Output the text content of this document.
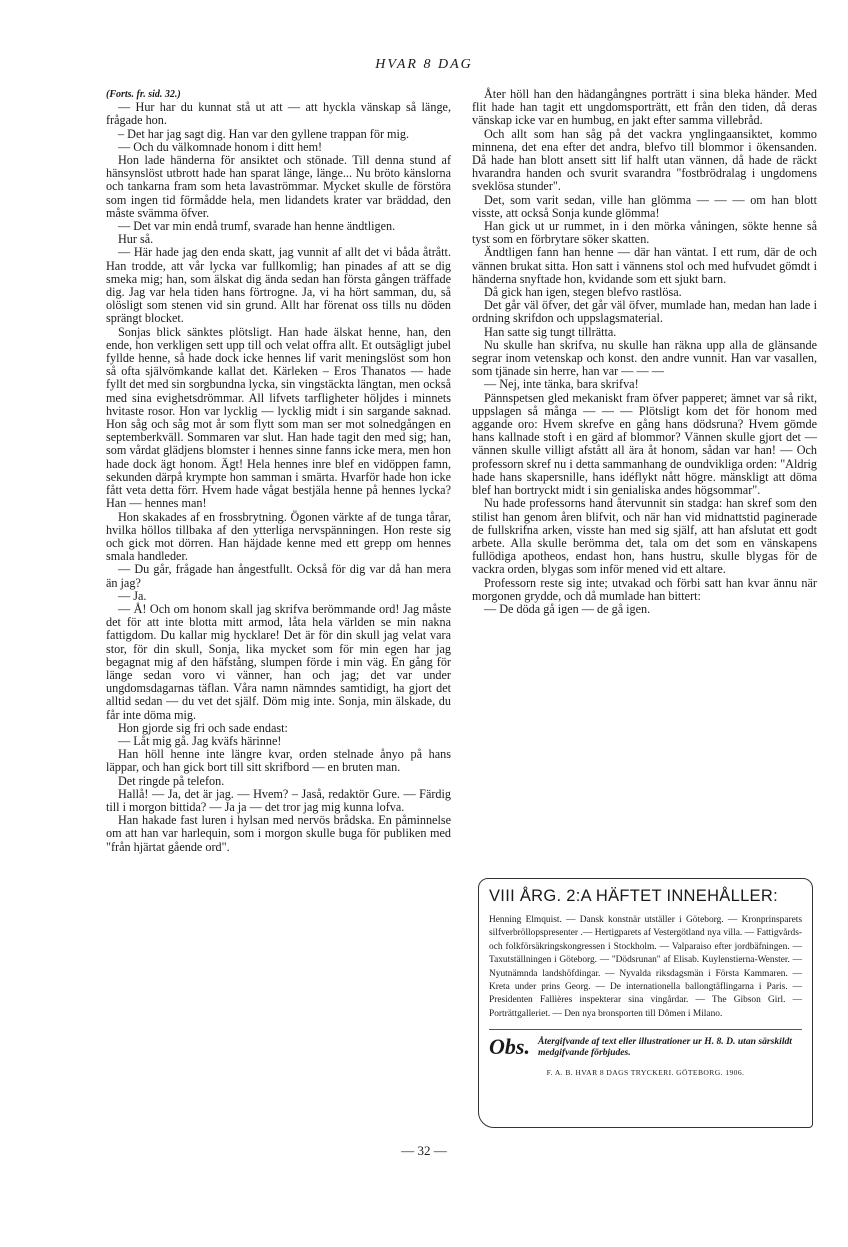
HVAR 8 DAG

(Forts. fr. sid. 32.)

— Hur har du kunnat stå ut att — att hyckla vänskap så länge, frågade hon.

– Det har jag sagt dig. Han var den gyllene trappan för mig.

— Och du välkomnade honom i ditt hem!

Hon lade händerna för ansiktet och stönade. Till denna stund af hänsynslöst utbrott hade han sparat länge, länge... Nu bröto känslorna och tankarna fram som heta lavaströmmar. Mycket skulle de förstöra som ingen tid förmådde hela, men lidandets krater var bräddad, den måste svämma öfver.

— Det var min endå trumf, svarade han henne ändtligen.

Hur så.

— Här hade jag den enda skatt, jag vunnit af allt det vi båda åtrått. Han trodde, att vår lycka var fullkomlig; han pinades af att se dig smeka mig; han, som älskat dig ända sedan han första gången träffade dig. Jag var hela tiden hans förtrogne. Ja, vi ha hört samman, du, så olösligt som stenen vid sin grund. Allt har förenat oss tills nu döden sprängt blocket.

Sonjas blick sänktes plötsligt. Han hade älskat henne, han, den ende, hon verkligen sett upp till och velat offra allt. Et outsägligt jubel fyllde henne, så hade dock icke hennes lif varit meningslöst som hon så ofta självömkande kallat det. Kärleken – Eros Thanatos — hade fyllt det med sin sorgbundna lycka, sin vingstäckta längtan, men också med sina evighetsdrömmar. All lifvets tarfligheter höljdes i minnets hvitaste rosor. Hon var lycklig — lycklig midt i sin sargande saknad. Hon såg och såg mot år som flytt som man ser mot solnedgången en septemberkväll. Sommaren var slut. Han hade tagit den med sig; han, som vårdat glädjens blomster i hennes sinne fanns icke mera, men hon hade dock ägt honom. Ägt! Hela hennes inre blef en vidöppen famn, sekunden därpå krympte hon samman i smärta. Hvarför hade hon icke fått veta detta förr. Hvem hade vågat bestjäla henne på hennes lycka? Han — hennes man!

Hon skakades af en frossbrytning. Ögonen värkte af de tunga tårar, hvilka höllos tillbaka af den ytterliga nervspänningen. Hon reste sig och gick mot dörren. Han häjdade kenne med ett grepp om hennes smala handleder.

— Du går, frågade han ångestfullt. Också för dig var då han mera än jag?

— Ja.

— Å! Och om honom skall jag skrifva berömmande ord! Jag måste det för att inte blotta mitt armod, låta hela världen se min nakna fattigdom. Du kallar mig hycklare! Det är för din skull jag velat vara stor, för din skull, Sonja, lika mycket som för min egen har jag begagnat mig af den häfstång, slumpen förde i min väg. En gång för länge sedan voro vi vänner, han och jag; det var under ungdomsdagarnas täflan. Våra namn nämndes samtidigt, ha gjort det alltid sedan — du vet det själf. Döm mig inte. Sonja, min älskade, du får inte döma mig.

Hon gjorde sig fri och sade endast:

— Låt mig gå. Jag kväfs härinne!

Han höll henne inte längre kvar, orden stelnade ånyo på hans läppar, och han gick bort till sitt skrifbord — en bruten man.

Det ringde på telefon.

Hallå! — Ja, det är jag. — Hvem? – Jaså, redaktör Gure. — Färdig till i morgon bittida? — Ja ja — det tror jag mig kunna lofva.

Han hakade fast luren i hylsan med nervös brådska. En påminnelse om att han var harlequin, som i morgon skulle buga för publiken med "från hjärtat gående ord".

Åter höll han den hädangångnes porträtt i sina bleka händer. Med flit hade han tagit ett ungdomsporträtt, ett från den tiden, då deras vänskap icke var en humbug, en jakt efter samma villebråd.

Och allt som han såg på det vackra ynglingaansiktet, kommo minnena, det ena efter det andra, blefvo till blommor i ökensanden. Då hade han blott ansett sitt lif halft utan vännen, då hade de räckt hvarandra handen och svurit svarandra "fostbrödralag i ungdomens sveklösa stunder".

Det, som varit sedan, ville han glömma — — — om han blott visste, att också Sonja kunde glömma!

Han gick ut ur rummet, in i den mörka våningen, sökte henne så tyst som en förbrytare söker skatten.

Ändtligen fann han henne — där han väntat. I ett rum, där de och vännen brukat sitta. Hon satt i vännens stol och med hufvudet gömdt i händerna snyftade hon, kvidande som ett sjukt barn.

Då gick han igen, stegen blefvo rastlösa.

Det går väl öfver, det går väl öfver, mumlade han, medan han lade i ordning skrifdon och uppslagsmaterial.

Han satte sig tungt tillrätta.

Nu skulle han skrifva, nu skulle han räkna upp alla de glänsande segrar inom vetenskap och konst. den andre vunnit. Han var vasallen, som tjänade sin herre, han var — — —

— Nej, inte tänka, bara skrifva!

Pännspetsen gled mekaniskt fram öfver papperet; ämnet var så rikt, uppslagen så många — — — Plötsligt kom det för honom med aggande oro: Hvem skrefve en gång hans dödsruna? Hvem gömde hans kallnade stoft i en gärd af blommor? Vännen skulle gjort det — vännen skulle villigt afstått all ära åt honom, sådan var han! — Och professorn skref nu i detta sammanhang de oundvikliga orden: "Aldrig hade hans skapersnille, hans idéflykt nått högre. mänskligt att döma blef han bortryckt midt i sin genialiska andes högsommar".

Nu hade professorns hand återvunnit sin stadga: han skref som den stilist han genom åren blifvit, och när han vid midnattstid paginerade de fullskrifna arken, visste han med sig själf, att han afslutat ett godt arbete. Alla skulle berömma det, tala om det som en vänskapens fullödiga apotheos, endast hon, hans hustru, skulle blygas för de vackra orden, blygas som inför mened vid ett altare.

Professorn reste sig inte; utvakad och förbi satt han kvar ännu när morgonen grydde, och då mumlade han bittert:

— De döda gå igen — de gå igen.

VIII ÅRG. 2:A HÄFTET INNEHÅLLER:
Henning Elmquist. — Dansk konstnär utställer i Göteborg. — Kronprinsparets silfverbröllopspresenter .— Hertigparets af Vestergötland nya villa. — Fattigvårds- och folkförsäkringskongressen i Stockholm. — Valparaiso efter jordbäfningen. — Taxutställningen i Göteborg. — "Dödsrunan" af Elisab. Kuylenstierna-Wenster. — Nyutnämnda landshöfdingar. — Nyvalda riksdagsmän i Första Kammaren. — Kreta under prins Georg. — De internationella ballongtäflingarna i Paris. — Presidenten Fallières inspekterar sina vingårdar. — The Gibson Girl. — Porträttgalleriet. — Den nya bronsporten till Dômen i Milano.
Obs. Återgifvande af text eller illustrationer ur H. 8. D. utan särskildt medgifvande förbjudes.
F. A. B. HVAR 8 DAGS TRYCKERI. GÖTEBORG. 1906.
— 32 —
